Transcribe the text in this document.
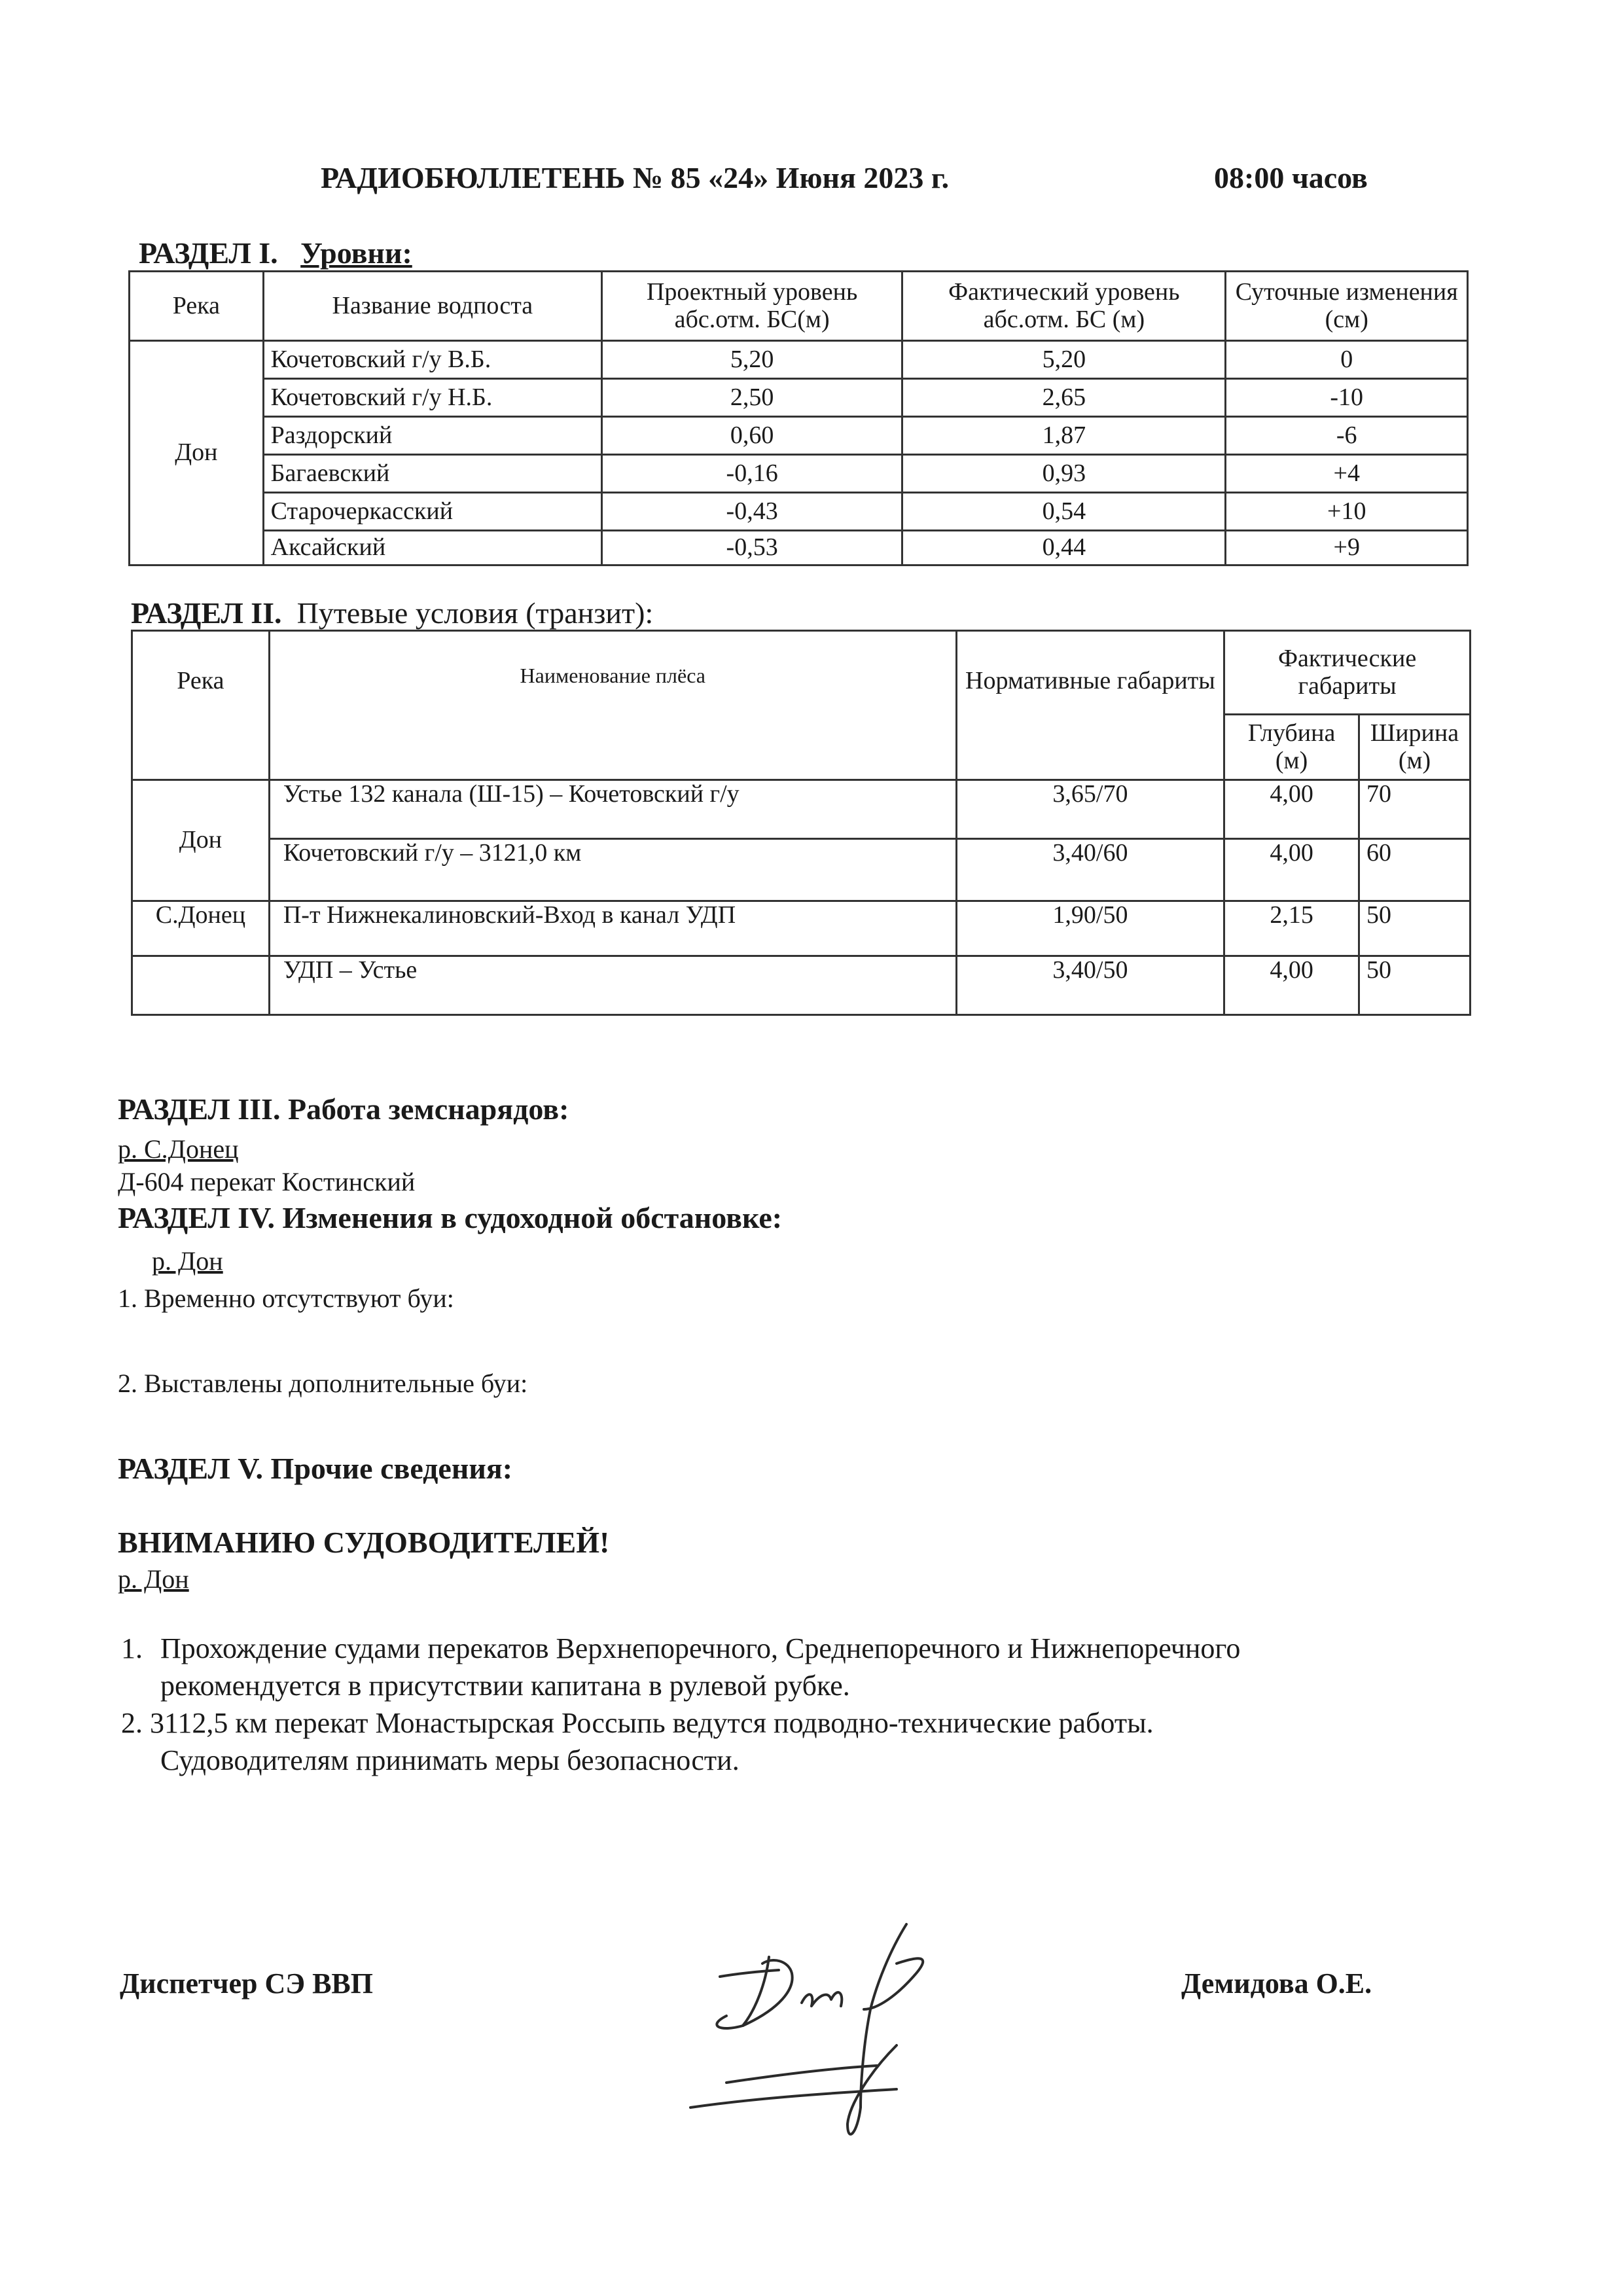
РАДИОБЮЛЛЕТЕНЬ № 85 «24» Июня 2023 г.	08:00 часов
РАЗДЕЛ I. Уровни:
Река	Название водпоста	Проектный уровень абс.отм. БС(м)	Фактический уровень абс.отм. БС (м)	Суточные изменения (см)
Дон	Кочетовский г/у В.Б.	5,20	5,20	0
	Кочетовский г/у Н.Б.	2,50	2,65	-10
	Раздорский	0,60	1,87	-6
	Багаевский	-0,16	0,93	+4
	Старочеркасский	-0,43	0,54	+10
	Аксайский	-0,53	0,44	+9
РАЗДЕЛ II. Путевые условия (транзит):
Река	Наименование плёса	Нормативные габариты	Фактические габариты	
			Глубина (м)	Ширина (м)
Дон	Устье 132 канала (Ш-15) – Кочетовский г/у	3,65/70	4,00	70
	Кочетовский г/у – 3121,0 км	3,40/60	4,00	60
С.Донец	П-т Нижнекалиновский-Вход в канал УДП	1,90/50	2,15	50
	УДП – Устье	3,40/50	4,00	50
РАЗДЕЛ III. Работа земснарядов:
р. С.Донец
Д-604 перекат Костинский
РАЗДЕЛ IV. Изменения в судоходной обстановке:
р. Дон
1. Временно отсутствуют буи:
2. Выставлены дополнительные буи:
РАЗДЕЛ V. Прочие сведения:
ВНИМАНИЮ СУДОВОДИТЕЛЕЙ!
р. Дон
1. Прохождение судами перекатов Верхнепоречного, Среднепоречного и Нижнепоречного
рекомендуется в присутствии капитана в рулевой рубке.
2. 3112,5 км перекат Монастырская Россыпь ведутся подводно-технические работы.
Судоводителям принимать меры безопасности.
Диспетчер СЭ ВВП	Демидова О.Е.
